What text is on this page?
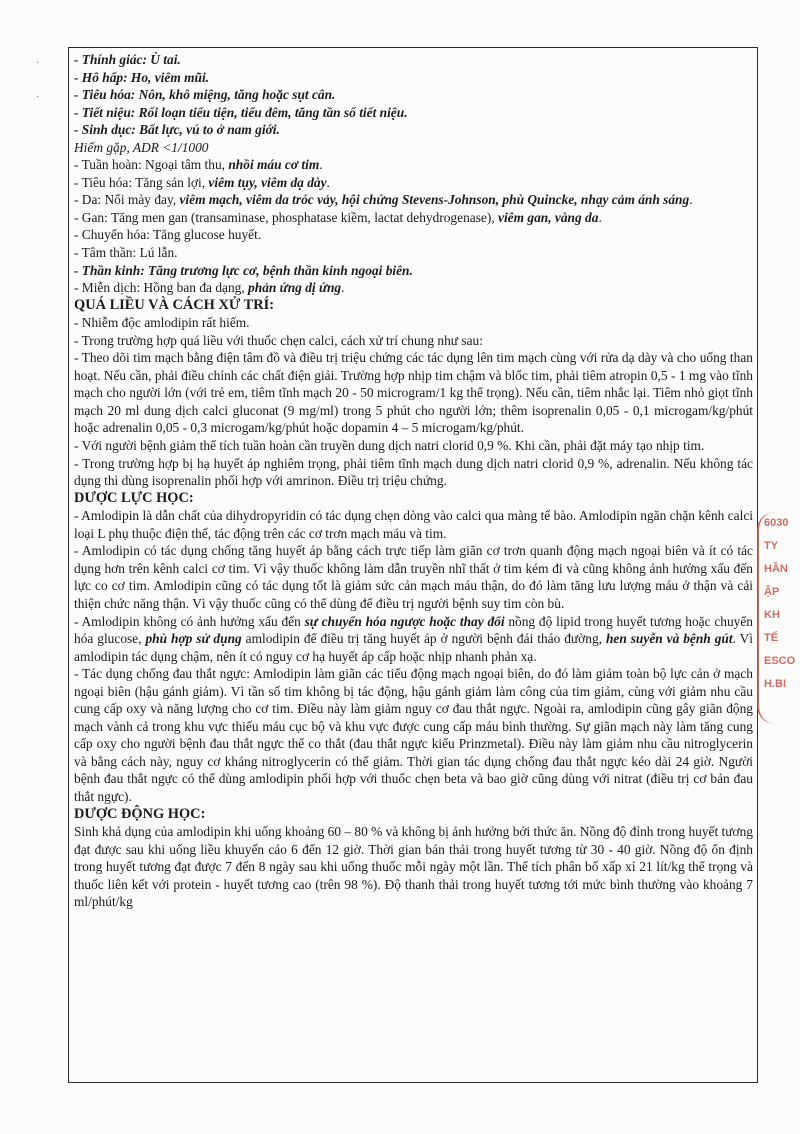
- Thính giác: Ù tai.
- Hô hấp: Ho, viêm mũi.
- Tiêu hóa: Nôn, khô miệng, tăng hoặc sụt cân.
- Tiết niệu: Rối loạn tiểu tiện, tiểu đêm, tăng tần số tiết niệu.
- Sinh dục: Bất lực, vú to ở nam giới.
Hiếm gặp, ADR <1/1000
- Tuần hoàn: Ngoại tâm thu, nhồi máu cơ tim.
- Tiêu hóa: Tăng sản lợi, viêm tụy, viêm dạ dày.
- Da: Nổi mày đay, viêm mạch, viêm da tróc vảy, hội chứng Stevens-Johnson, phù Quincke, nhạy cảm ánh sáng.
- Gan: Tăng men gan (transaminase, phosphatase kiềm, lactat dehydrogenase), viêm gan, vàng da.
- Chuyển hóa: Tăng glucose huyết.
- Tâm thần: Lú lẫn.
- Thần kinh: Tăng trương lực cơ, bệnh thần kinh ngoại biên.
- Miễn dịch: Hồng ban đa dạng, phản ứng dị ứng.
QUÁ LIỀU VÀ CÁCH XỬ TRÍ:
- Nhiễm độc amlodipin rất hiếm.
- Trong trường hợp quá liều với thuốc chẹn calci, cách xử trí chung như sau:
- Theo dõi tim mạch bằng điện tâm đồ và điều trị triệu chứng các tác dụng lên tim mạch cùng với rửa dạ dày và cho uống than hoạt. Nếu cần, phải điều chỉnh các chất điện giải. Trường hợp nhịp tim chậm và blốc tim, phải tiêm atropin 0,5 - 1 mg vào tĩnh mạch cho người lớn (với trẻ em, tiêm tĩnh mạch 20 - 50 microgram/1 kg thể trọng). Nếu cần, tiêm nhắc lại. Tiêm nhỏ giọt tĩnh mạch 20 ml dung dịch calci gluconat (9 mg/ml) trong 5 phút cho người lớn; thêm isoprenalin 0,05 - 0,1 microgam/kg/phút hoặc adrenalin 0,05 - 0,3 microgam/kg/phút hoặc dopamin 4 – 5 microgam/kg/phút.
- Với người bệnh giảm thể tích tuần hoàn cần truyền dung dịch natri clorid 0,9 %. Khi cần, phải đặt máy tạo nhịp tim.
- Trong trường hợp bị hạ huyết áp nghiêm trọng, phải tiêm tĩnh mạch dung dịch natri clorid 0,9 %, adrenalin. Nếu không tác dụng thì dùng isoprenalin phối hợp với amrinon. Điều trị triệu chứng.
DƯỢC LỰC HỌC:
- Amlodipin là dẫn chất của dihydropyridin có tác dụng chẹn dòng vào calci qua màng tế bào. Amlodipin ngăn chặn kênh calci loại L phụ thuộc điện thế, tác động trên các cơ trơn mạch máu và tim.
- Amlodipin có tác dụng chống tăng huyết áp bằng cách trực tiếp làm giãn cơ trơn quanh động mạch ngoại biên và ít có tác dụng hơn trên kênh calci cơ tim. Vì vậy thuốc không làm dẫn truyền nhĩ thất ở tim kém đi và cũng không ảnh hưởng xấu đến lực co cơ tim. Amlodipin cũng có tác dụng tốt là giảm sức cản mạch máu thận, do đó làm tăng lưu lượng máu ở thận và cải thiện chức năng thận. Vì vậy thuốc cũng có thể dùng để điều trị người bệnh suy tim còn bù.
- Amlodipin không có ảnh hưởng xấu đến sự chuyển hóa ngược hoặc thay đổi nồng độ lipid trong huyết tương hoặc chuyển hóa glucose, phù hợp sử dụng amlodipin để điều trị tăng huyết áp ở người bệnh đái tháo đường, hen suyễn và bệnh gút. Vì amlodipin tác dụng chậm, nên ít có nguy cơ hạ huyết áp cấp hoặc nhịp nhanh phản xạ.
- Tác dụng chống đau thắt ngực: Amlodipin làm giãn các tiểu động mạch ngoại biên, do đó làm giảm toàn bộ lực cản ở mạch ngoại biên (hậu gánh giảm). Vì tần số tim không bị tác động, hậu gánh giảm làm công của tim giảm, cùng với giảm nhu cầu cung cấp oxy và năng lượng cho cơ tim. Điều này làm giảm nguy cơ đau thắt ngực. Ngoài ra, amlodipin cũng gây giãn động mạch vành cả trong khu vực thiếu máu cục bộ và khu vực được cung cấp máu bình thường. Sự giãn mạch này làm tăng cung cấp oxy cho người bệnh đau thắt ngực thể co thắt (đau thắt ngực kiểu Prinzmetal). Điều này làm giảm nhu cầu nitroglycerin và bằng cách này, nguy cơ kháng nitroglycerin có thể giảm. Thời gian tác dụng chống đau thắt ngực kéo dài 24 giờ. Người bệnh đau thắt ngực có thể dùng amlodipin phối hợp với thuốc chẹn beta và bao giờ cũng dùng với nitrat (điều trị cơ bản đau thắt ngực).
DƯỢC ĐỘNG HỌC:
Sinh khả dụng của amlodipin khi uống khoảng 60 – 80 % và không bị ảnh hưởng bởi thức ăn. Nồng độ đỉnh trong huyết tương đạt được sau khi uống liều khuyến cáo 6 đến 12 giờ. Thời gian bán thải trong huyết tương từ 30 - 40 giờ. Nồng độ ổn định trong huyết tương đạt được 7 đến 8 ngày sau khi uống thuốc mỗi ngày một lần. Thể tích phân bố xấp xỉ 21 lít/kg thể trọng và thuốc liên kết với protein - huyết tương cao (trên 98 %). Độ thanh thải trong huyết tương tới mức bình thường vào khoảng 7 ml/phút/kg
6030
TY
HẦN
ẬP KH
TẾ
ESCO
H.BI
·
·
